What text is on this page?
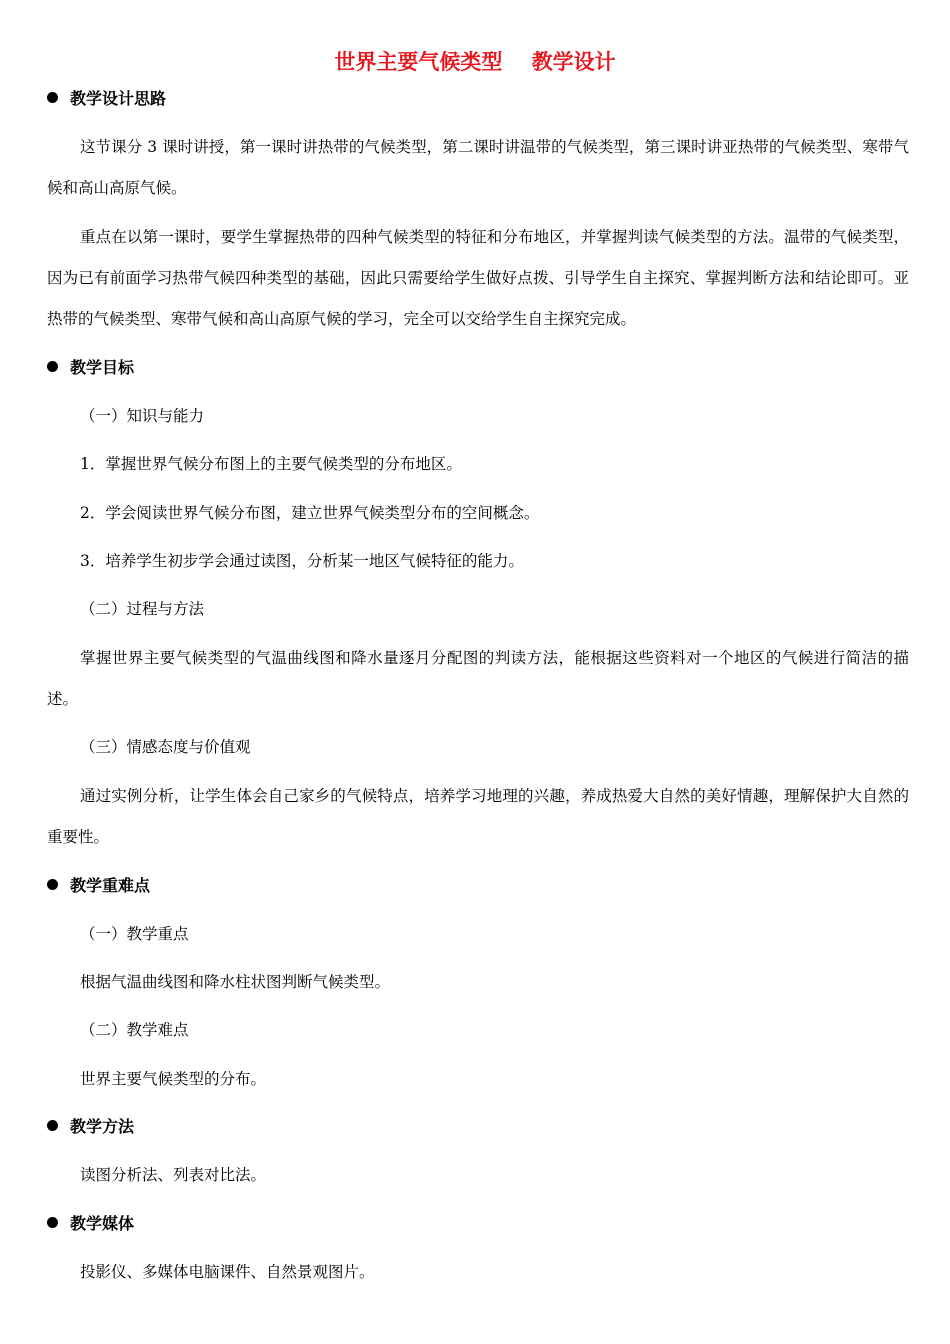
世界主要气候类型    教学设计
教学设计思路
这节课分 3 课时讲授，第一课时讲热带的气候类型，第二课时讲温带的气候类型，第三课时讲亚热带的气候类型、寒带气候和高山高原气候。
重点在以第一课时，要学生掌握热带的四种气候类型的特征和分布地区，并掌握判读气候类型的方法。温带的气候类型，因为已有前面学习热带气候四种类型的基础，因此只需要给学生做好点拨、引导学生自主探究、掌握判断方法和结论即可。亚热带的气候类型、寒带气候和高山高原气候的学习，完全可以交给学生自主探究完成。
教学目标
（一）知识与能力
1．掌握世界气候分布图上的主要气候类型的分布地区。
2．学会阅读世界气候分布图，建立世界气候类型分布的空间概念。
3．培养学生初步学会通过读图，分析某一地区气候特征的能力。
（二）过程与方法
掌握世界主要气候类型的气温曲线图和降水量逐月分配图的判读方法，能根据这些资料对一个地区的气候进行简洁的描述。
（三）情感态度与价值观
通过实例分析，让学生体会自己家乡的气候特点，培养学习地理的兴趣，养成热爱大自然的美好情趣，理解保护大自然的重要性。
教学重难点
（一）教学重点
根据气温曲线图和降水柱状图判断气候类型。
（二）教学难点
世界主要气候类型的分布。
教学方法
读图分析法、列表对比法。
教学媒体
投影仪、多媒体电脑课件、自然景观图片。
